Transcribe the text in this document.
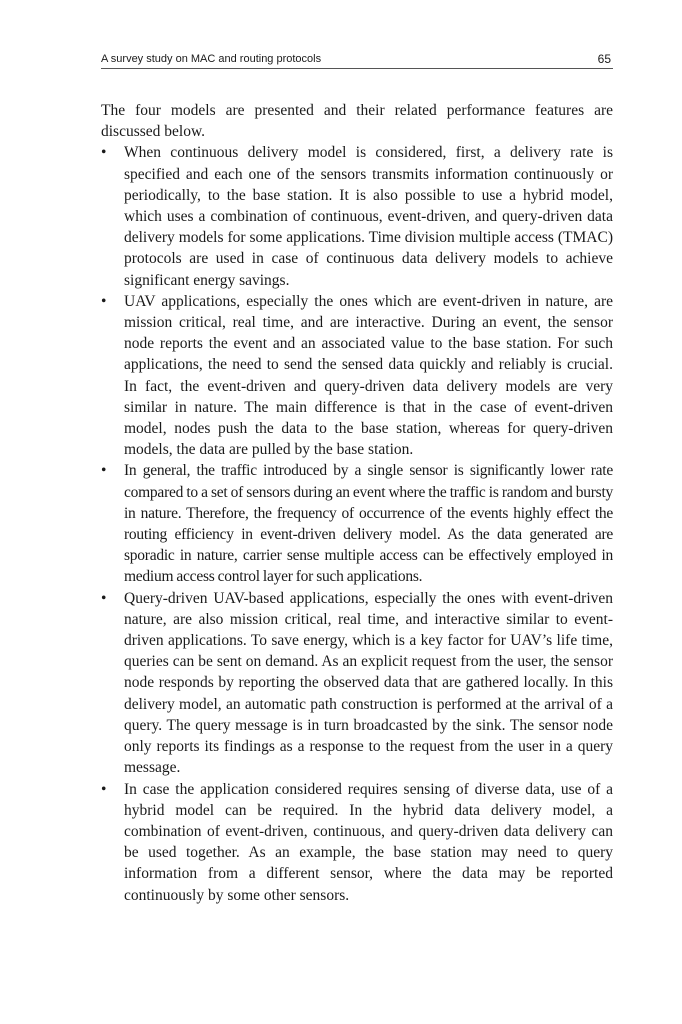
A survey study on MAC and routing protocols	65

The four models are presented and their related performance features are discussed below.

• When continuous delivery model is considered, first, a delivery rate is specified and each one of the sensors transmits information continuously or periodically, to the base station. It is also possible to use a hybrid model, which uses a combination of continuous, event-driven, and query-driven data delivery models for some applications. Time division multiple access (TMAC) protocols are used in case of continuous data delivery models to achieve significant energy savings.
• UAV applications, especially the ones which are event-driven in nature, are mission critical, real time, and are interactive. During an event, the sensor node reports the event and an associated value to the base station. For such applications, the need to send the sensed data quickly and reliably is crucial. In fact, the event-driven and query-driven data delivery models are very similar in nature. The main difference is that in the case of event-driven model, nodes push the data to the base station, whereas for query-driven models, the data are pulled by the base station.
• In general, the traffic introduced by a single sensor is significantly lower rate compared to a set of sensors during an event where the traffic is random and bursty in nature. Therefore, the frequency of occurrence of the events highly effect the routing efficiency in event-driven delivery model. As the data generated are sporadic in nature, carrier sense multiple access can be effectively employed in medium access control layer for such applications.
• Query-driven UAV-based applications, especially the ones with event-driven nature, are also mission critical, real time, and interactive similar to event-driven applications. To save energy, which is a key factor for UAV’s life time, queries can be sent on demand. As an explicit request from the user, the sensor node responds by reporting the observed data that are gathered locally. In this delivery model, an automatic path construction is performed at the arrival of a query. The query message is in turn broadcasted by the sink. The sensor node only reports its findings as a response to the request from the user in a query message.
• In case the application considered requires sensing of diverse data, use of a hybrid model can be required. In the hybrid data delivery model, a combination of event-driven, continuous, and query-driven data delivery can be used together. As an example, the base station may need to query information from a different sensor, where the data may be reported continuously by some other sensors.
